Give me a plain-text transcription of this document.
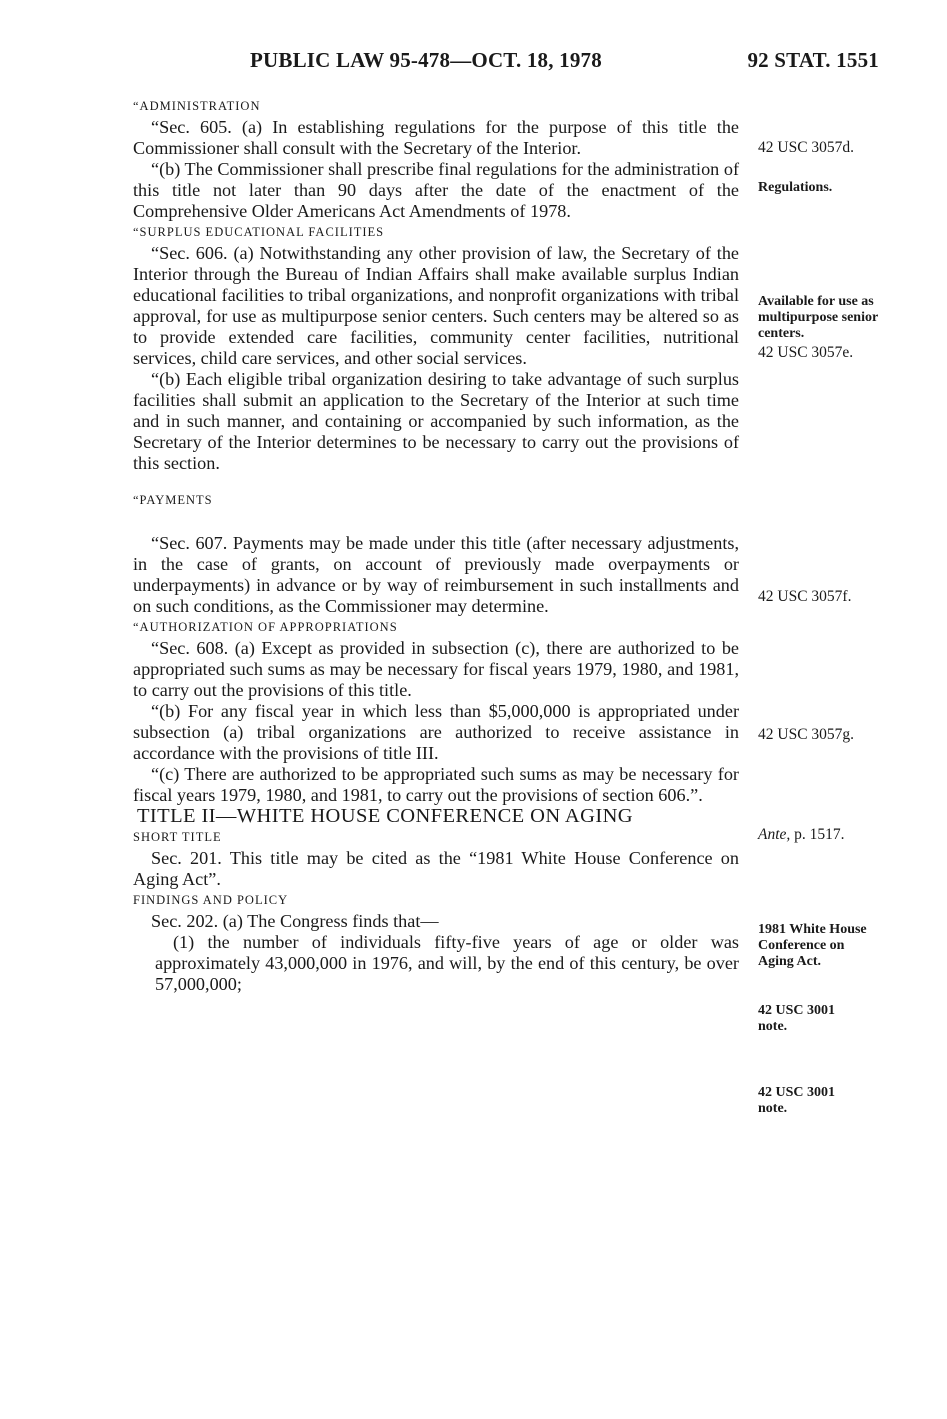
PUBLIC LAW 95-478—OCT. 18, 1978	92 STAT. 1551

“ADMINISTRATION

“Sec. 605. (a) In establishing regulations for the purpose of this title the Commissioner shall consult with the Secretary of the Interior.

“(b) The Commissioner shall prescribe final regulations for the administration of this title not later than 90 days after the date of the enactment of the Comprehensive Older Americans Act Amendments of 1978.

“SURPLUS EDUCATIONAL FACILITIES

“Sec. 606. (a) Notwithstanding any other provision of law, the Secretary of the Interior through the Bureau of Indian Affairs shall make available surplus Indian educational facilities to tribal organizations, and nonprofit organizations with tribal approval, for use as multipurpose senior centers. Such centers may be altered so as to provide extended care facilities, community center facilities, nutritional services, child care services, and other social services.

“(b) Each eligible tribal organization desiring to take advantage of such surplus facilities shall submit an application to the Secretary of the Interior at such time and in such manner, and containing or accompanied by such information, as the Secretary of the Interior determines to be necessary to carry out the provisions of this section.

“PAYMENTS

“Sec. 607. Payments may be made under this title (after necessary adjustments, in the case of grants, on account of previously made overpayments or underpayments) in advance or by way of reimbursement in such installments and on such conditions, as the Commissioner may determine.

“AUTHORIZATION OF APPROPRIATIONS

“Sec. 608. (a) Except as provided in subsection (c), there are authorized to be appropriated such sums as may be necessary for fiscal years 1979, 1980, and 1981, to carry out the provisions of this title.

“(b) For any fiscal year in which less than $5,000,000 is appropriated under subsection (a) tribal organizations are authorized to receive assistance in accordance with the provisions of title III.

“(c) There are authorized to be appropriated such sums as may be necessary for fiscal years 1979, 1980, and 1981, to carry out the provisions of section 606.”.

TITLE II—WHITE HOUSE CONFERENCE ON AGING

SHORT TITLE

Sec. 201. This title may be cited as the “1981 White House Conference on Aging Act”.

FINDINGS AND POLICY

Sec. 202. (a) The Congress finds that—

(1) the number of individuals fifty-five years of age or older was approximately 43,000,000 in 1976, and will, by the end of this century, be over 57,000,000;

42 USC 3057d.
Regulations.
Available for use as multipurpose senior centers.
42 USC 3057e.
42 USC 3057f.
42 USC 3057g.
Ante, p. 1517.
1981 White House Conference on Aging Act.
42 USC 3001 note.
42 USC 3001 note.
